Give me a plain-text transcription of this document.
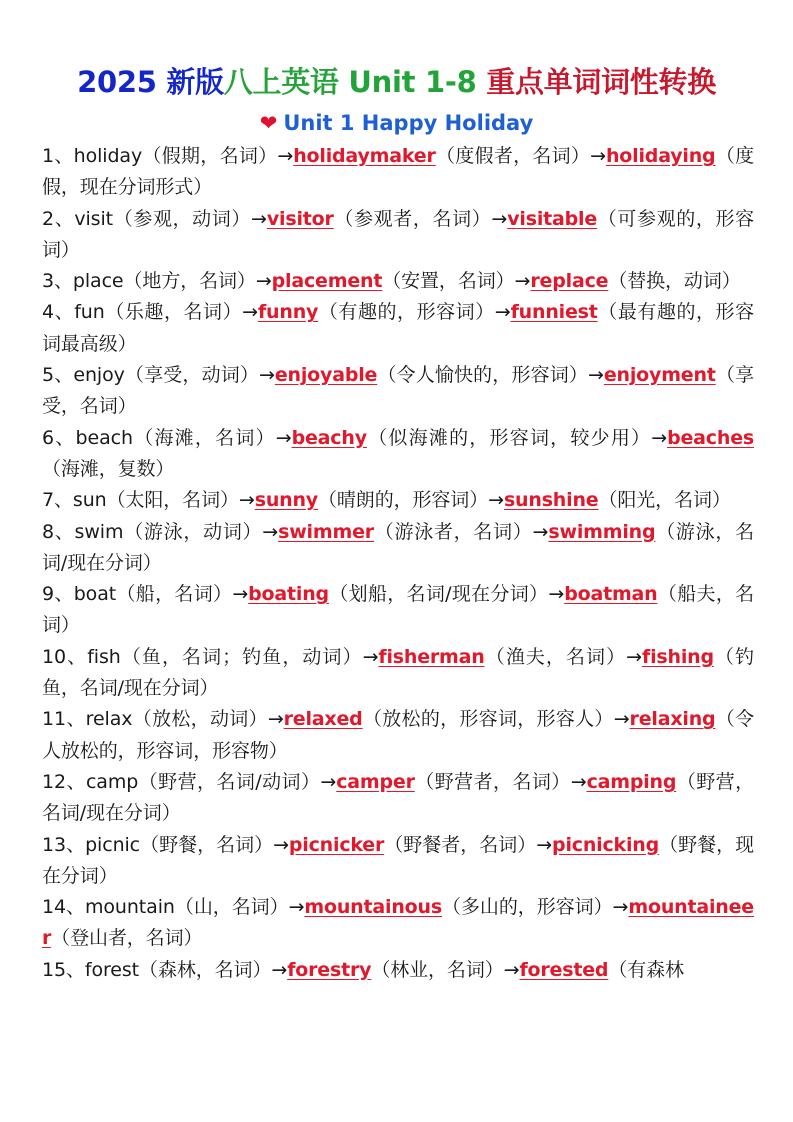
2025 新版八上英语 Unit 1-8 重点单词词性转换
❤ Unit 1 Happy Holiday
1、holiday（假期，名词）→holidaymaker（度假者，名词）→holidaying（度假，现在分词形式）
2、visit（参观，动词）→visitor（参观者，名词）→visitable（可参观的，形容词）
3、place（地方，名词）→placement（安置，名词）→replace（替换，动词）
4、fun（乐趣，名词）→funny（有趣的，形容词）→funniest（最有趣的，形容词最高级）
5、enjoy（享受，动词）→enjoyable（令人愉快的，形容词）→enjoyment（享受，名词）
6、beach（海滩，名词）→beachy（似海滩的，形容词，较少用）→beaches（海滩，复数）
7、sun（太阳，名词）→sunny（晴朗的，形容词）→sunshine（阳光，名词）
8、swim（游泳，动词）→swimmer（游泳者，名词）→swimming（游泳，名词/现在分词）
9、boat（船，名词）→boating（划船，名词/现在分词）→boatman（船夫，名词）
10、fish（鱼，名词；钓鱼，动词）→fisherman（渔夫，名词）→fishing（钓鱼，名词/现在分词）
11、relax（放松，动词）→relaxed（放松的，形容词，形容人）→relaxing（令人放松的，形容词，形容物）
12、camp（野营，名词/动词）→camper（野营者，名词）→camping（野营，名词/现在分词）
13、picnic（野餐，名词）→picnicker（野餐者，名词）→picnicking（野餐，现在分词）
14、mountain（山，名词）→mountainous（多山的，形容词）→mountaineer（登山者，名词）
15、forest（森林，名词）→forestry（林业，名词）→forested（有森林
